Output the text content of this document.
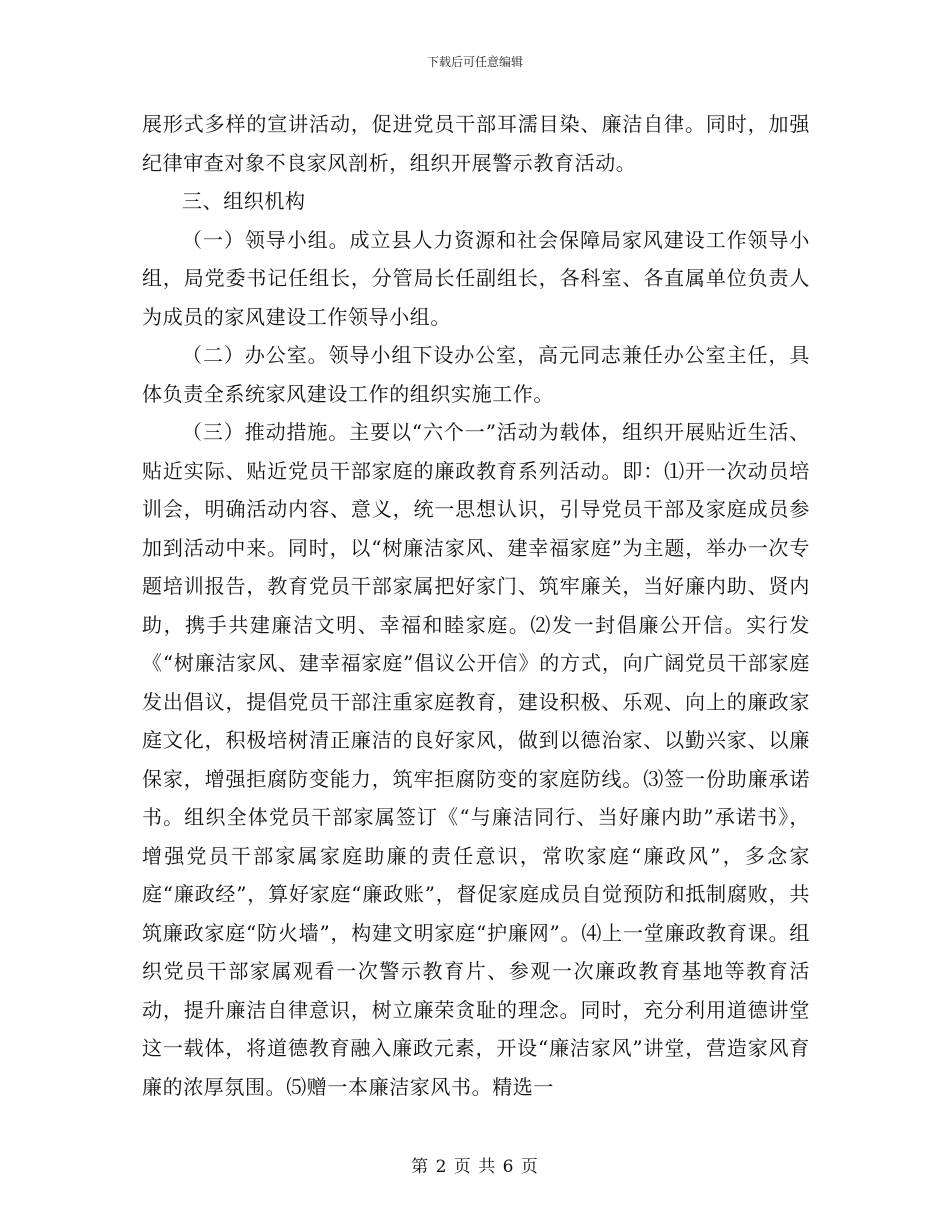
下载后可任意编辑

展形式多样的宣讲活动，促进党员干部耳濡目染、廉洁自律。同时，加强纪律审查对象不良家风剖析，组织开展警示教育活动。

三、组织机构

（一）领导小组。成立县人力资源和社会保障局家风建设工作领导小组，局党委书记任组长，分管局长任副组长，各科室、各直属单位负责人为成员的家风建设工作领导小组。

（二）办公室。领导小组下设办公室，高元同志兼任办公室主任，具体负责全系统家风建设工作的组织实施工作。

（三）推动措施。主要以“六个一”活动为载体，组织开展贴近生活、贴近实际、贴近党员干部家庭的廉政教育系列活动。即：⑴开一次动员培训会，明确活动内容、意义，统一思想认识，引导党员干部及家庭成员参加到活动中来。同时，以“树廉洁家风、建幸福家庭”为主题，举办一次专题培训报告，教育党员干部家属把好家门、筑牢廉关，当好廉内助、贤内助，携手共建廉洁文明、幸福和睦家庭。⑵发一封倡廉公开信。实行发《“树廉洁家风、建幸福家庭”倡议公开信》的方式，向广阔党员干部家庭发出倡议，提倡党员干部注重家庭教育，建设积极、乐观、向上的廉政家庭文化，积极培树清正廉洁的良好家风，做到以德治家、以勤兴家、以廉保家，增强拒腐防变能力，筑牢拒腐防变的家庭防线。⑶签一份助廉承诺书。组织全体党员干部家属签订《“与廉洁同行、当好廉内助”承诺书》，增强党员干部家属家庭助廉的责任意识，常吹家庭“廉政风”，多念家庭“廉政经”，算好家庭“廉政账”，督促家庭成员自觉预防和抵制腐败，共筑廉政家庭“防火墙”，构建文明家庭“护廉网”。⑷上一堂廉政教育课。组织党员干部家属观看一次警示教育片、参观一次廉政教育基地等教育活动，提升廉洁自律意识，树立廉荣贪耻的理念。同时，充分利用道德讲堂这一载体，将道德教育融入廉政元素，开设“廉洁家风”讲堂，营造家风育廉的浓厚氛围。⑸赠一本廉洁家风书。精选一

第 2 页 共 6 页
